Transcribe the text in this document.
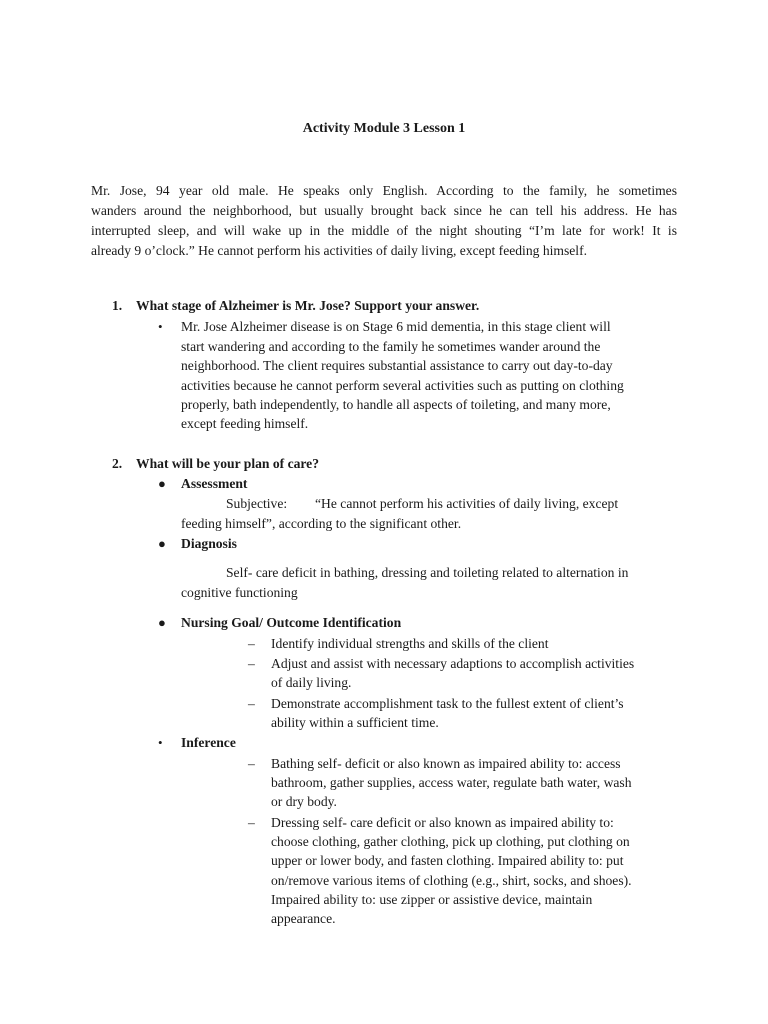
Activity Module 3 Lesson 1
Mr. Jose, 94 year old male. He speaks only English. According to the family, he sometimes
wanders around the neighborhood, but usually brought back since he can tell his address. He has
interrupted sleep, and will wake up in the middle of the night shouting “I’m late for work! It is
already 9 o’clock.” He cannot perform his activities of daily living, except feeding himself.
1. What stage of Alzheimer is Mr. Jose? Support your answer.
• Mr. Jose Alzheimer disease is on Stage 6 mid dementia, in this stage client will
start wandering and according to the family he sometimes wander around the
neighborhood. The client requires substantial assistance to carry out day-to-day
activities because he cannot perform several activities such as putting on clothing
properly, bath independently, to handle all aspects of toileting, and many more,
except feeding himself.
2. What will be your plan of care?
● Assessment
Subjective: “He cannot perform his activities of daily living, except
feeding himself”, according to the significant other.
● Diagnosis
Self- care deficit in bathing, dressing and toileting related to alternation in
cognitive functioning
● Nursing Goal/ Outcome Identification
– Identify individual strengths and skills of the client
– Adjust and assist with necessary adaptions to accomplish activities
of daily living.
– Demonstrate accomplishment task to the fullest extent of client’s
ability within a sufficient time.
• Inference
– Bathing self- deficit or also known as impaired ability to: access
bathroom, gather supplies, access water, regulate bath water, wash
or dry body.
– Dressing self- care deficit or also known as impaired ability to:
choose clothing, gather clothing, pick up clothing, put clothing on
upper or lower body, and fasten clothing. Impaired ability to: put
on/remove various items of clothing (e.g., shirt, socks, and shoes).
Impaired ability to: use zipper or assistive device, maintain
appearance.
